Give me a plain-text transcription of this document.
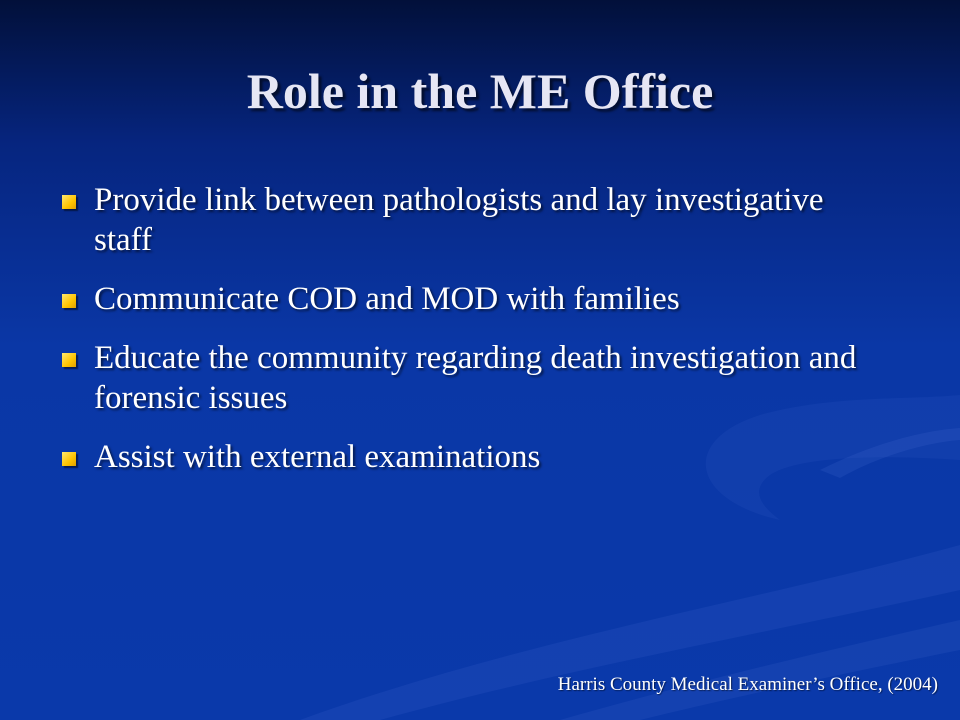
Role in the ME Office
Provide link between pathologists and lay investigative staff
Communicate COD and MOD with families
Educate the community regarding death investigation and forensic issues
Assist with external examinations
Harris County Medical Examiner’s Office, (2004)
